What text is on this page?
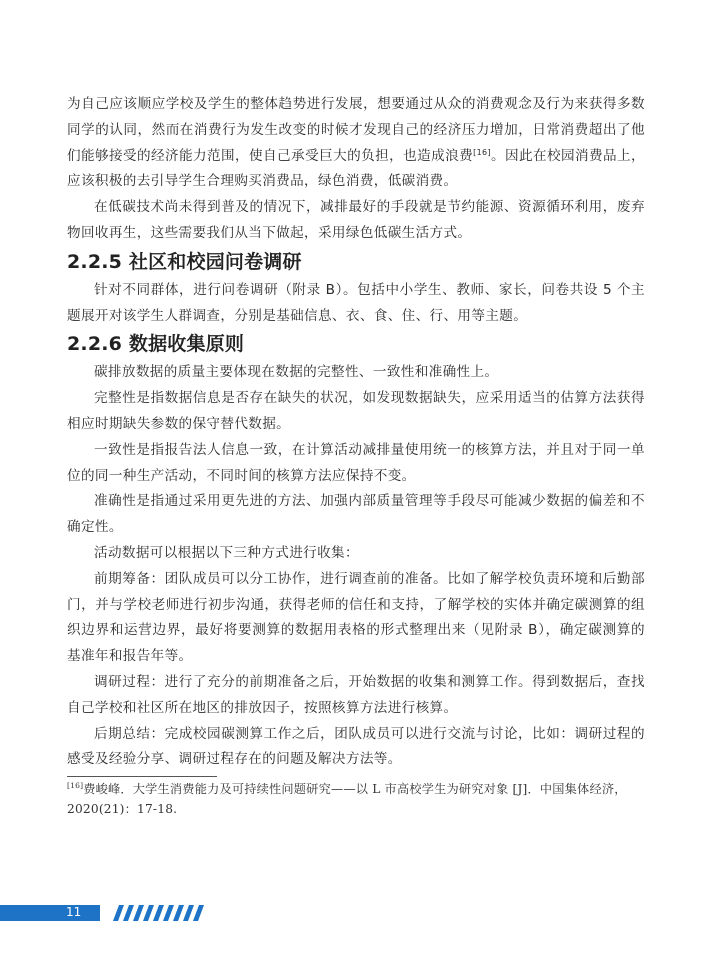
为自己应该顺应学校及学生的整体趋势进行发展，想要通过从众的消费观念及行为来获得多数同学的认同，然而在消费行为发生改变的时候才发现自己的经济压力增加，日常消费超出了他们能够接受的经济能力范围，使自己承受巨大的负担，也造成浪费[16]。因此在校园消费品上，应该积极的去引导学生合理购买消费品，绿色消费，低碳消费。

在低碳技术尚未得到普及的情况下，减排最好的手段就是节约能源、资源循环利用，废弃物回收再生，这些需要我们从当下做起，采用绿色低碳生活方式。

2.2.5 社区和校园问卷调研

针对不同群体，进行问卷调研（附录 B）。包括中小学生、教师、家长，问卷共设 5 个主题展开对该学生人群调查，分别是基础信息、衣、食、住、行、用等主题。

2.2.6 数据收集原则

碳排放数据的质量主要体现在数据的完整性、一致性和准确性上。

完整性是指数据信息是否存在缺失的状况，如发现数据缺失，应采用适当的估算方法获得相应时期缺失参数的保守替代数据。

一致性是指报告法人信息一致，在计算活动减排量使用统一的核算方法，并且对于同一单位的同一种生产活动，不同时间的核算方法应保持不变。

准确性是指通过采用更先进的方法、加强内部质量管理等手段尽可能减少数据的偏差和不确定性。

活动数据可以根据以下三种方式进行收集：

前期筹备：团队成员可以分工协作，进行调查前的准备。比如了解学校负责环境和后勤部门，并与学校老师进行初步沟通，获得老师的信任和支持，了解学校的实体并确定碳测算的组织边界和运营边界，最好将要测算的数据用表格的形式整理出来（见附录 B），确定碳测算的基准年和报告年等。

调研过程：进行了充分的前期准备之后，开始数据的收集和测算工作。得到数据后，查找自己学校和社区所在地区的排放因子，按照核算方法进行核算。

后期总结：完成校园碳测算工作之后，团队成员可以进行交流与讨论，比如：调研过程的感受及经验分享、调研过程存在的问题及解决方法等。

[16]费峻峰．大学生消费能力及可持续性问题研究——以 L 市高校学生为研究对象 [J]．中国集体经济，2020(21)：17-18.

11
